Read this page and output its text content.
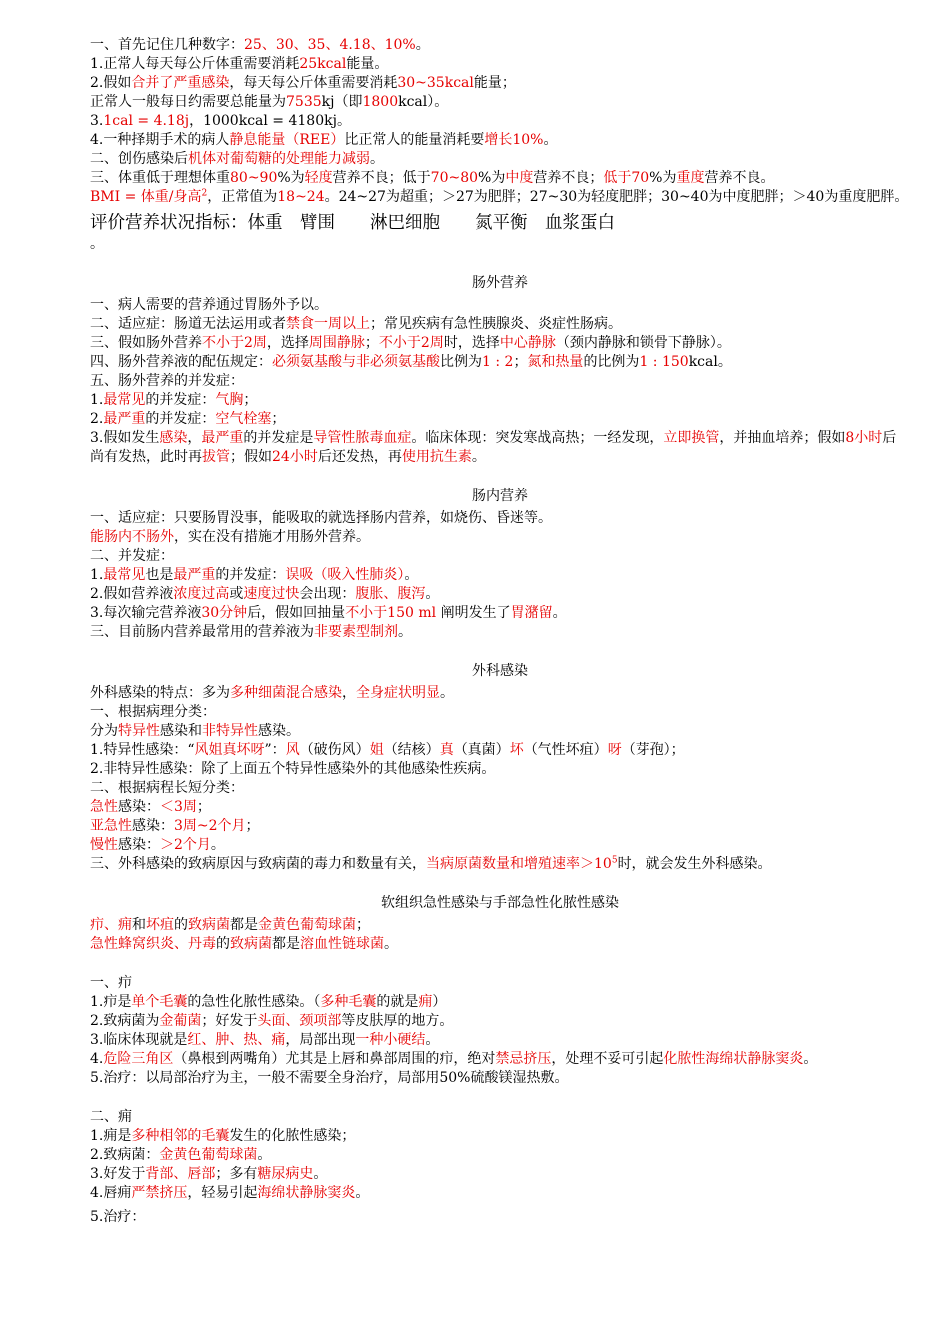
一、首先记住几种数字：25、30、35、4.18、10%。
1.正常人每天每公斤体重需要消耗25kcal能量。
2.假如合并了严重感染，每天每公斤体重需要消耗30~35kcal能量；
正常人一般每日约需要总能量为7535kj（即1800kcal）。
3.1cal = 4.18j，1000kcal = 4180kj。
4.一种择期手术的病人静息能量（REE）比正常人的能量消耗要增长10%。
二、创伤感染后机体对葡萄糖的处理能力减弱。
三、体重低于理想体重80~90%为轻度营养不良；低于70~80%为中度营养不良；低于70%为重度营养不良。
BMI = 体重/身高$^2$，正常值为18~24。24~27为超重；＞27为肥胖；27~30为轻度肥胖；30~40为中度肥胖；＞40为重度肥胖。
评价营养状况指标：体重　臂围　　淋巴细胞　　氮平衡　血浆蛋白
。
肠外营养
一、病人需要的营养通过胃肠外予以。
二、适应症：肠道无法运用或者禁食一周以上；常见疾病有急性胰腺炎、炎症性肠病。
三、假如肠外营养不小于2周，选择周围静脉；不小于2周时，选择中心静脉（颈内静脉和锁骨下静脉）。
四、肠外营养液的配伍规定：必须氨基酸与非必须氨基酸比例为1 : 2；氮和热量的比例为1 : 150kcal。
五、肠外营养的并发症：
1.最常见的并发症：气胸；
2.最严重的并发症：空气栓塞；
3.假如发生感染，最严重的并发症是导管性脓毒血症。临床体现：突发寒战高热；一经发现，立即换管，并抽血培养；假如8小时后尚有发热，此时再拔管；假如24小时后还发热，再使用抗生素。
肠内营养
一、适应症：只要肠胃没事，能吸取的就选择肠内营养，如烧伤、昏迷等。
能肠内不肠外，实在没有措施才用肠外营养。
二、并发症：
1.最常见也是最严重的并发症：误吸（吸入性肺炎）。
2.假如营养液浓度过高或速度过快会出现：腹胀、腹泻。
3.每次输完营养液30分钟后，假如回抽量不小于150 ml 阐明发生了胃潴留。
三、目前肠内营养最常用的营养液为非要素型制剂。
外科感染
外科感染的特点：多为多种细菌混合感染，全身症状明显。
一、根据病理分类：
分为特异性感染和非特异性感染。
1.特异性感染：“风姐真坏呀”：风（破伤风）姐（结核）真（真菌）坏（气性坏疽）呀（芽孢）；
2.非特异性感染：除了上面五个特异性感染外的其他感染性疾病。
二、根据病程长短分类：
急性感染：＜3周；
亚急性感染：3周~2个月；
慢性感染：＞2个月。
三、外科感染的致病原因与致病菌的毒力和数量有关，当病原菌数量和增殖速率$>10^5$时，就会发生外科感染。
软组织急性感染与手部急性化脓性感染
疖、痈和坏疽的致病菌都是金黄色葡萄球菌；
急性蜂窝织炎、丹毒的致病菌都是溶血性链球菌。
一、疖
1.疖是单个毛囊的急性化脓性感染。（多种毛囊的就是痈）
2.致病菌为金葡菌；好发于头面、颈项部等皮肤厚的地方。
3.临床体现就是红、肿、热、痛，局部出现一种小硬结。
4.危险三角区（鼻根到两嘴角）尤其是上唇和鼻部周围的疖，绝对禁忌挤压，处理不妥可引起化脓性海绵状静脉窦炎。
5.治疗：以局部治疗为主，一般不需要全身治疗，局部用50%硫酸镁湿热敷。
二、痈
1.痈是多种相邻的毛囊发生的化脓性感染；
2.致病菌：金黄色葡萄球菌。
3.好发于背部、唇部；多有糖尿病史。
4.唇痈严禁挤压，轻易引起海绵状静脉窦炎。
5.治疗：
